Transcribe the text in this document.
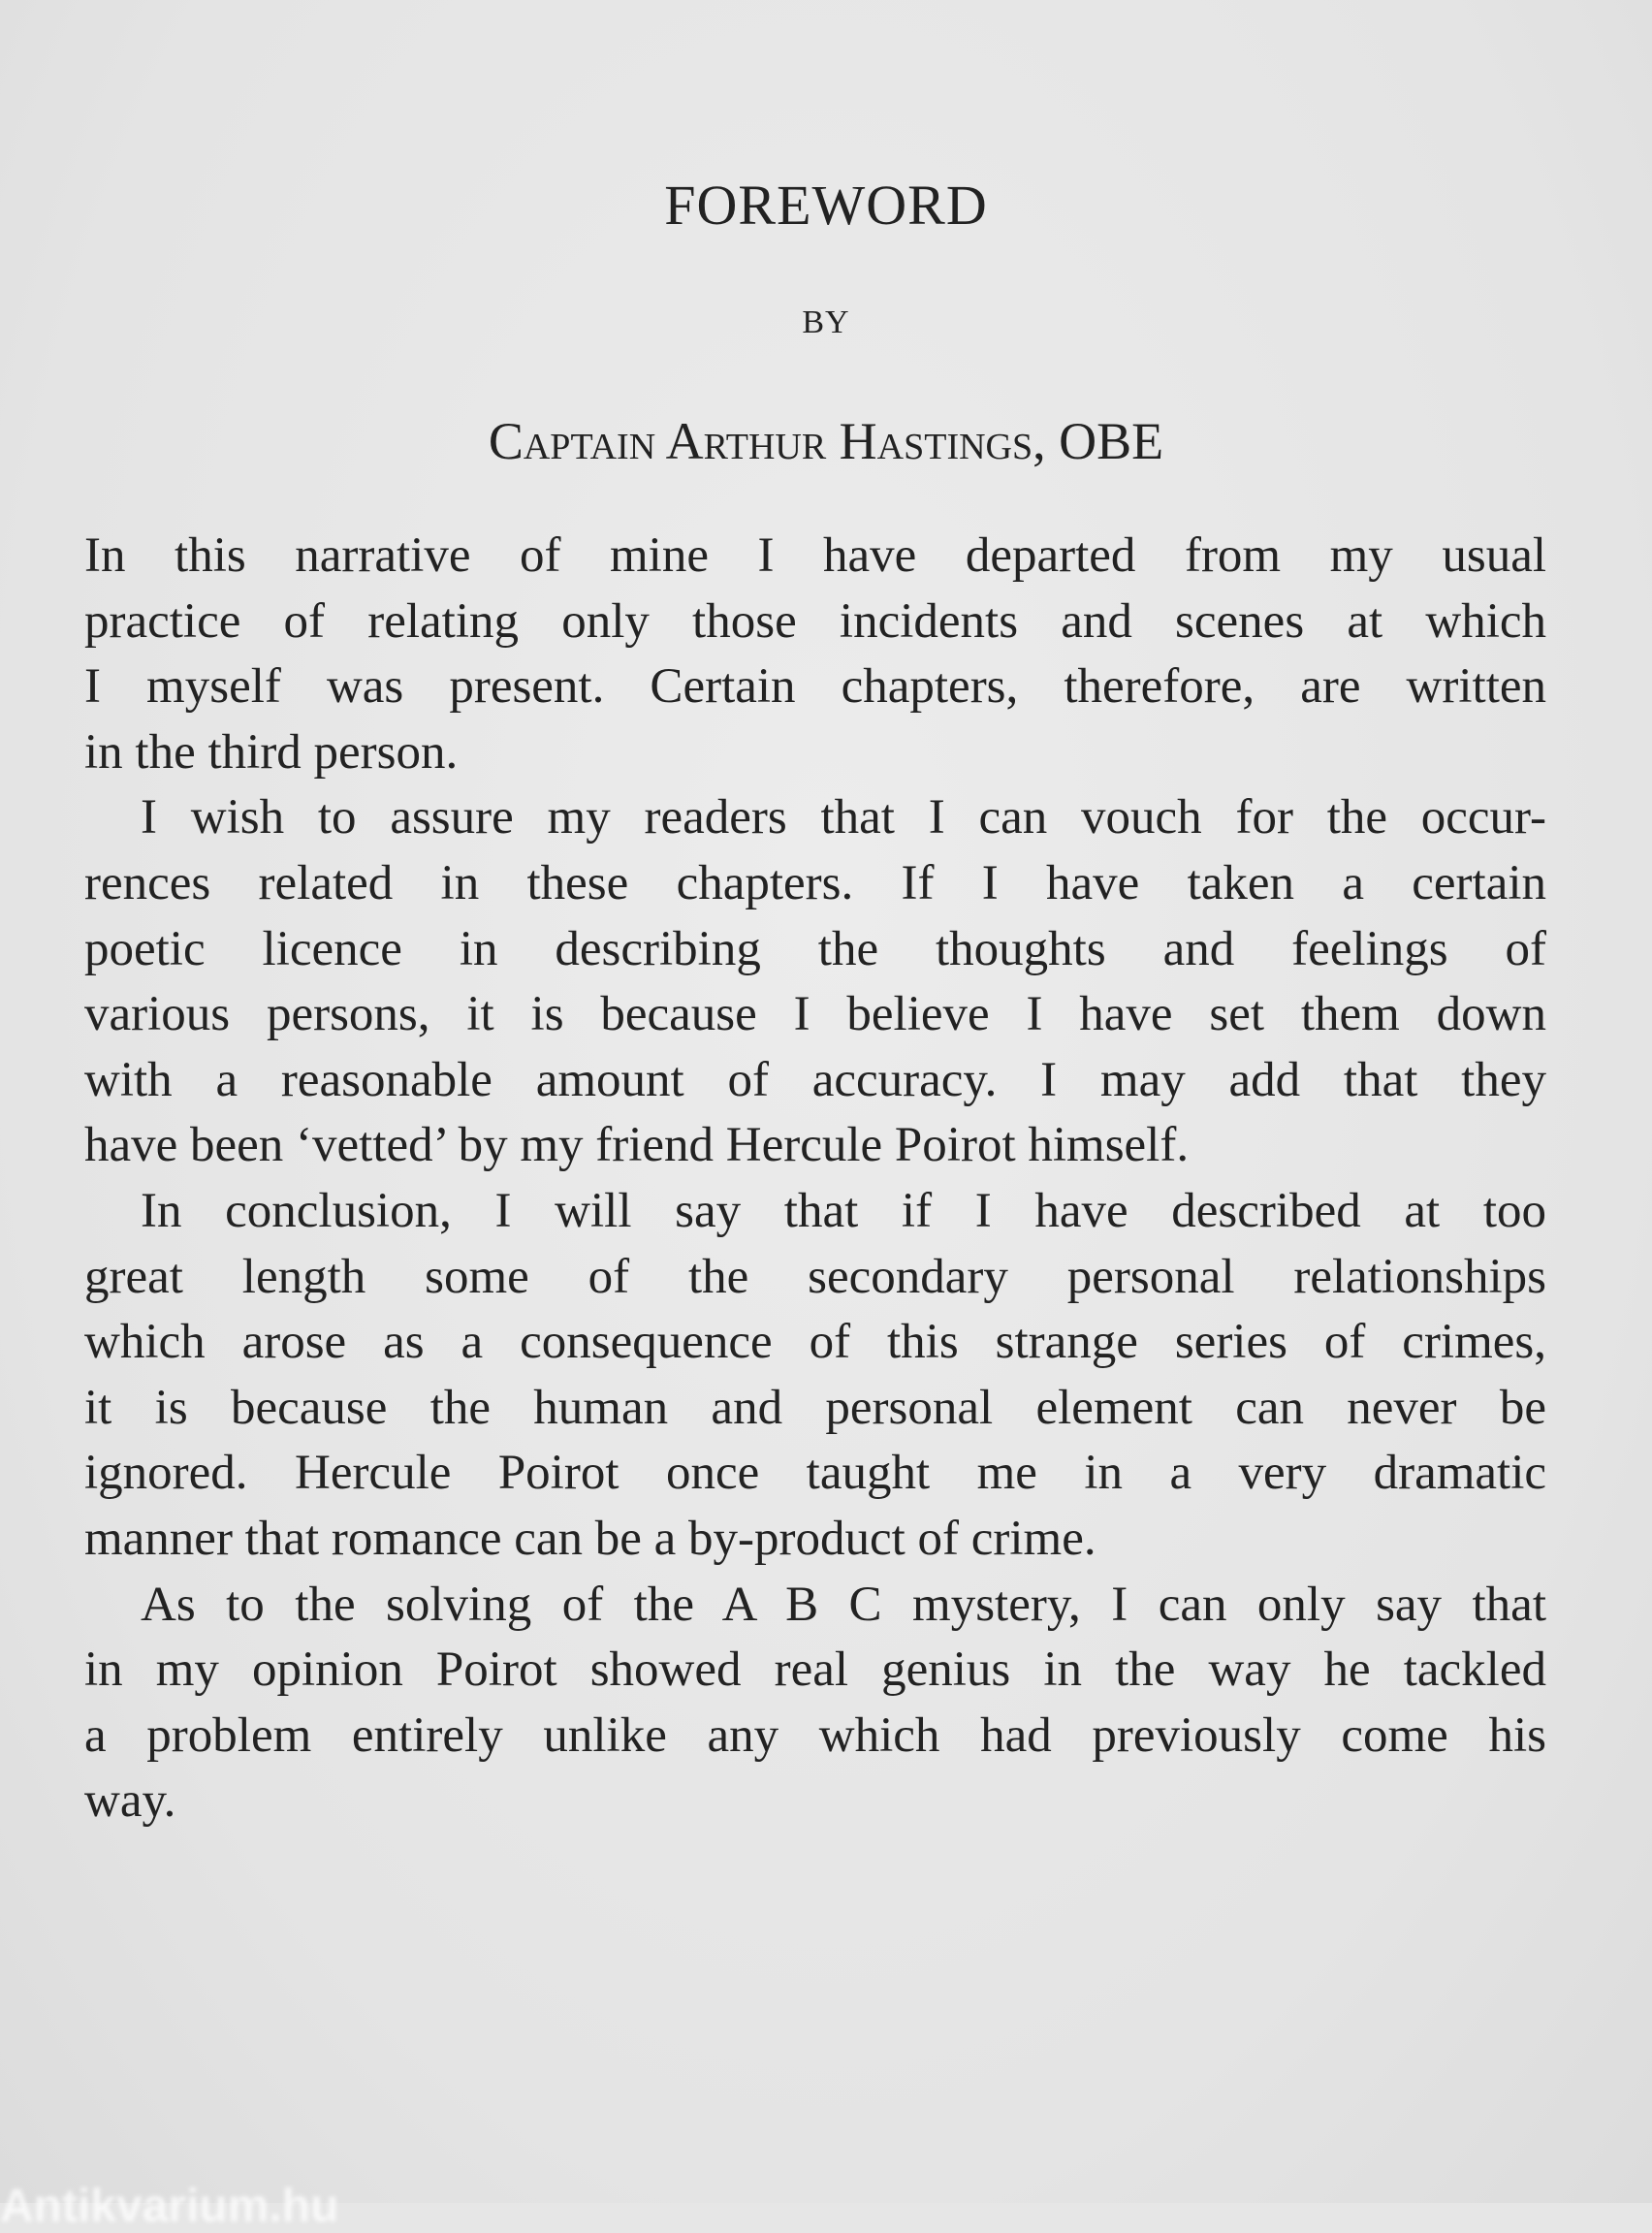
FOREWORD
BY
Captain Arthur Hastings, OBE
In this narrative of mine I have departed from my usual
practice of relating only those incidents and scenes at which
I myself was present. Certain chapters, therefore, are written
in the third person.
I wish to assure my readers that I can vouch for the occur-
rences related in these chapters. If I have taken a certain
poetic licence in describing the thoughts and feelings of
various persons, it is because I believe I have set them down
with a reasonable amount of accuracy. I may add that they
have been ‘vetted’ by my friend Hercule Poirot himself.
In conclusion, I will say that if I have described at too
great length some of the secondary personal relationships
which arose as a consequence of this strange series of crimes,
it is because the human and personal element can never be
ignored. Hercule Poirot once taught me in a very dramatic
manner that romance can be a by-product of crime.
As to the solving of the A B C mystery, I can only say that
in my opinion Poirot showed real genius in the way he tackled
a problem entirely unlike any which had previously come his
way.
Antikvarium.hu
